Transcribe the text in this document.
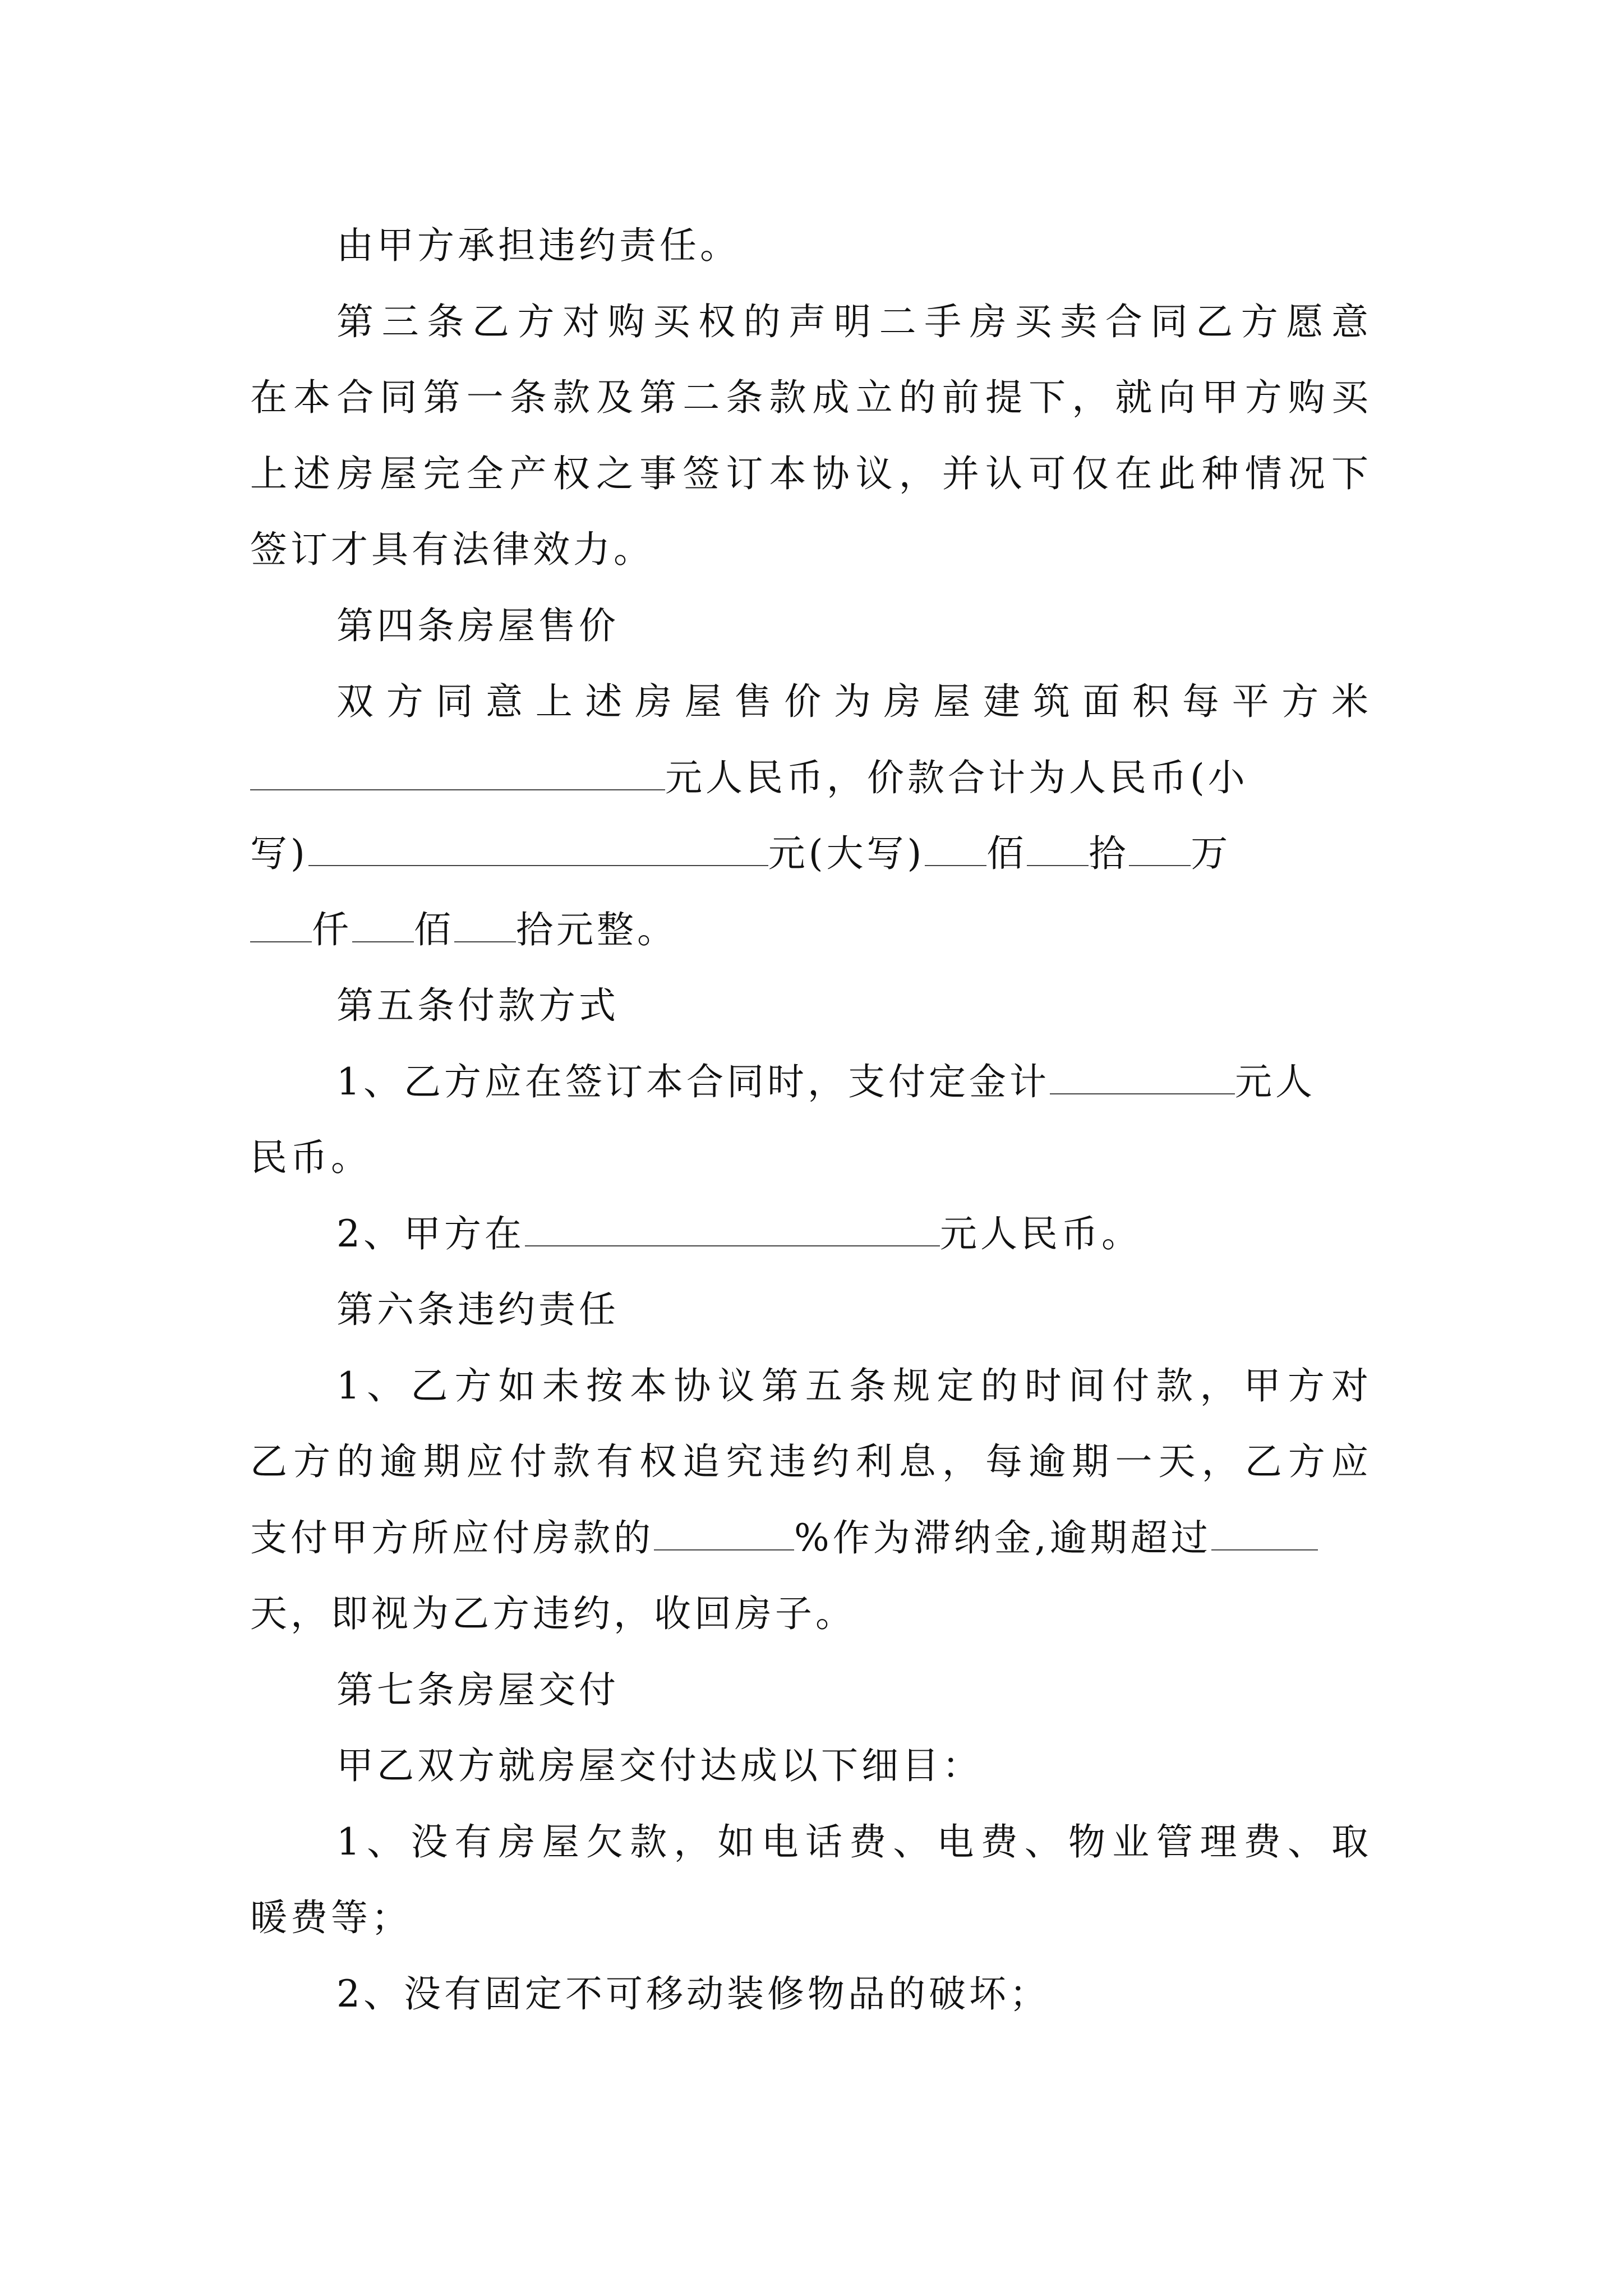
由甲方承担违约责任。
第三条乙方对购买权的声明二手房买卖合同乙方愿意
在本合同第一条款及第二条款成立的前提下，就向甲方购买
上述房屋完全产权之事签订本协议，并认可仅在此种情况下
签订才具有法律效力。
第四条房屋售价
双方同意上述房屋售价为房屋建筑面积每平方米
元人民币，价款合计为人民币(小
写)	元(大写) 佰 拾 万
仟 佰 拾元整。
第五条付款方式
1、乙方应在签订本合同时，支付定金计	元人
民币。
2、甲方在	元人民币。
第六条违约责任
1、乙方如未按本协议第五条规定的时间付款，甲方对
乙方的逾期应付款有权追究违约利息，每逾期一天，乙方应
支付甲方所应付房款的	%作为滞纳金,逾期超过
天，即视为乙方违约，收回房子。
第七条房屋交付
甲乙双方就房屋交付达成以下细目：
1、没有房屋欠款，如电话费、电费、物业管理费、取
暖费等；
2、没有固定不可移动装修物品的破坏；
